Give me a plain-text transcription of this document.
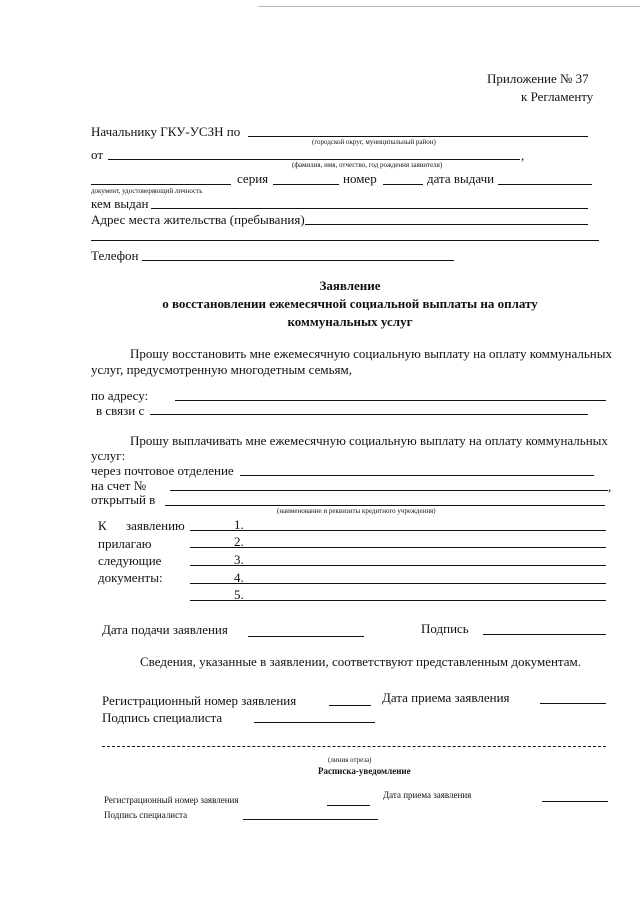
Приложение № 37
к Регламенту
Начальнику ГКУ-УСЗН по
(городской округ, муниципальный район)
от	,
(фамилия, имя, отчество, год рождения заявителя)
серия	номер	дата выдачи
документ, удостоверяющий личность
кем выдан
Адрес места жительства (пребывания)
Телефон
Заявление
о восстановлении ежемесячной социальной выплаты на оплату
коммунальных услуг
Прошу восстановить мне ежемесячную социальную выплату на оплату коммунальных
услуг, предусмотренную многодетным семьям,
по адресу:
в связи с
Прошу выплачивать мне ежемесячную социальную выплату на оплату коммунальных
услуг:
через почтовое отделение
на счет №	,
открытый в
(наименование и реквизиты кредитного учреждения)
К заявлению
прилагаю
следующие
документы:
1.
2.
3.
4.
5.
Дата подачи заявления	Подпись
Сведения, указанные в заявлении, соответствуют представленным документам.
Регистрационный номер заявления	Дата приема заявления
Подпись специалиста
(линия отреза)
Расписка-уведомление
Регистрационный номер заявления	Дата приема заявления
Подпись специалиста
